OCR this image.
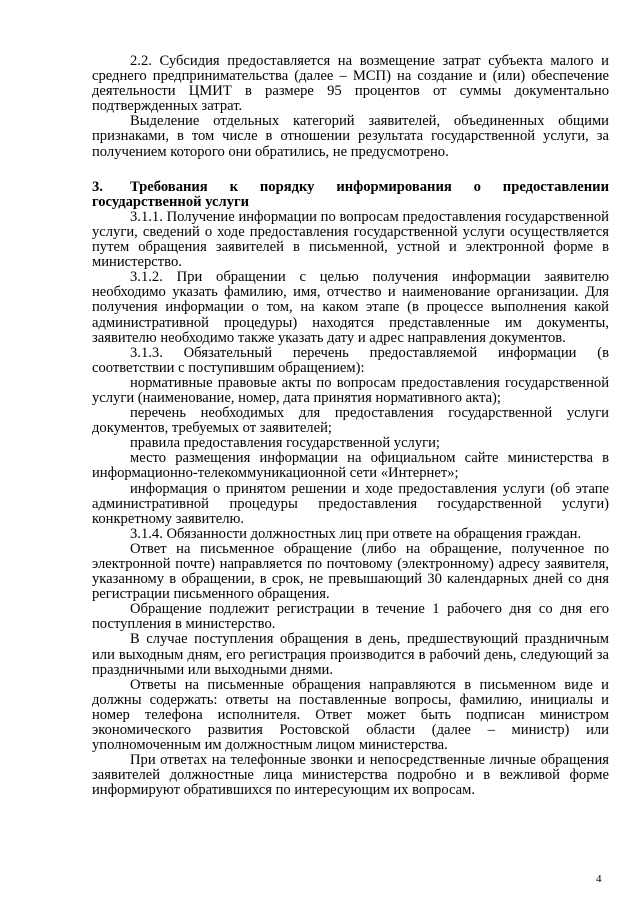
2.2. Субсидия предоставляется на возмещение затрат субъекта малого и среднего предпринимательства (далее – МСП) на создание и (или) обеспечение деятельности ЦМИТ в размере 95 процентов от суммы документально подтвержденных затрат.

Выделение отдельных категорий заявителей, объединенных общими признаками, в том числе в отношении результата государственной услуги, за получением которого они обратились, не предусмотрено.

3. Требования к порядку информирования о предоставлении государственной услуги

3.1.1. Получение информации по вопросам предоставления государственной услуги, сведений о ходе предоставления государственной услуги осуществляется путем обращения заявителей в письменной, устной и электронной форме в министерство.

3.1.2. При обращении с целью получения информации заявителю необходимо указать фамилию, имя, отчество и наименование организации. Для получения информации о том, на каком этапе (в процессе выполнения какой административной процедуры) находятся представленные им документы, заявителю необходимо также указать дату и адрес направления документов.

3.1.3. Обязательный перечень предоставляемой информации (в соответствии с поступившим обращением):

нормативные правовые акты по вопросам предоставления государственной услуги (наименование, номер, дата принятия нормативного акта);

перечень необходимых для предоставления государственной услуги документов, требуемых от заявителей;

правила предоставления государственной услуги;

место размещения информации на официальном сайте министерства в информационно-телекоммуникационной сети «Интернет»;

информация о принятом решении и ходе предоставления услуги (об этапе административной процедуры предоставления государственной услуги) конкретному заявителю.

3.1.4. Обязанности должностных лиц при ответе на обращения граждан.

Ответ на письменное обращение (либо на обращение, полученное по электронной почте) направляется по почтовому (электронному) адресу заявителя, указанному в обращении, в срок, не превышающий 30 календарных дней со дня регистрации письменного обращения.

Обращение подлежит регистрации в течение 1 рабочего дня со дня его поступления в министерство.

В случае поступления обращения в день, предшествующий праздничным или выходным дням, его регистрация производится в рабочий день, следующий за праздничными или выходными днями.

Ответы на письменные обращения направляются в письменном виде и должны содержать: ответы на поставленные вопросы, фамилию, инициалы и номер телефона исполнителя. Ответ может быть подписан министром экономического развития Ростовской области (далее – министр) или уполномоченным им должностным лицом министерства.

При ответах на телефонные звонки и непосредственные личные обращения заявителей должностные лица министерства подробно и в вежливой форме информируют обратившихся по интересующим их вопросам.

4
